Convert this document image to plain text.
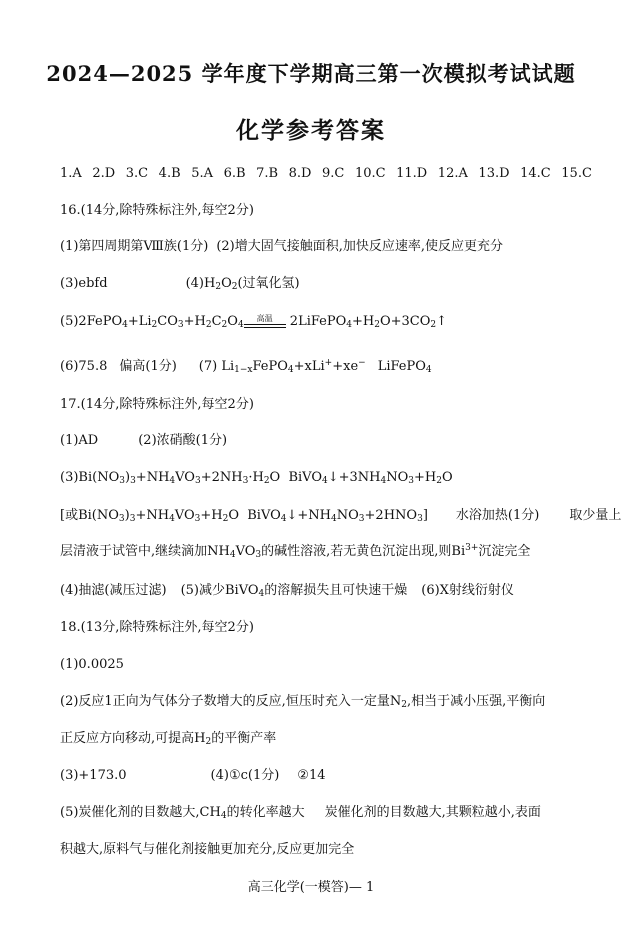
2024—2025 学年度下学期高三第一次模拟考试试题
化学参考答案
1.A 2.D 3.C 4.B 5.A 6.B 7.B 8.D 9.C 10.C 11.D 12.A 13.D 14.C 15.C
16.(14分,除特殊标注外,每空2分)
(1)第四周期第Ⅷ族(1分) (2)增大固气接触面积,加快反应速率,使反应更充分
(3)ebfd	$(4)H_2O_2$(过氧化氢)
$(5)2FePO_4+Li_2CO_3+H_2C_2O_4$
高温	$2LiFePO_4+H_2O+3CO_2↑$
(6)75.8 偏高(1分) (7) $Li_{1-x}FePO_4+xLi^++xe^-$ LiFePO$_4$
17.(14分,除特殊标注外,每空2分)
(1)AD	(2)浓硝酸(1分)
$(3)Bi(NO_3)_3+NH_4VO_3+2NH_3\cdot H_2O$  $BiVO_4↓+3NH_4NO_3+H_2O$
[或$Bi(NO_3)_3+NH_4VO_3+H_2O$  $BiVO_4↓+NH_4NO_3+2HNO_3$] 水浴加热(1分) 取少量上
层清液于试管中,继续滴加$NH_4VO_3$的碱性溶液,若无黄色沉淀出现,则$Bi^{3+}$沉淀完全
(4)抽滤(减压过滤) (5)减少BiVO$_4$的溶解损失且可快速干燥 (6)X射线衍射仪
18.(13分,除特殊标注外,每空2分)
(1)0.0025
(2)反应1正向为气体分子数增大的反应,恒压时充入一定量$N_2$,相当于减小压强,平衡向
正反应方向移动,可提高$H_2$的平衡产率
(3)+173.0	(4)①c(1分) ②14
(5)炭催化剂的目数越大$,CH_4$的转化率越大 炭催化剂的目数越大,其颗粒越小,表面
积越大,原料气与催化剂接触更加充分,反应更加完全
高三化学(一模答)— 1
